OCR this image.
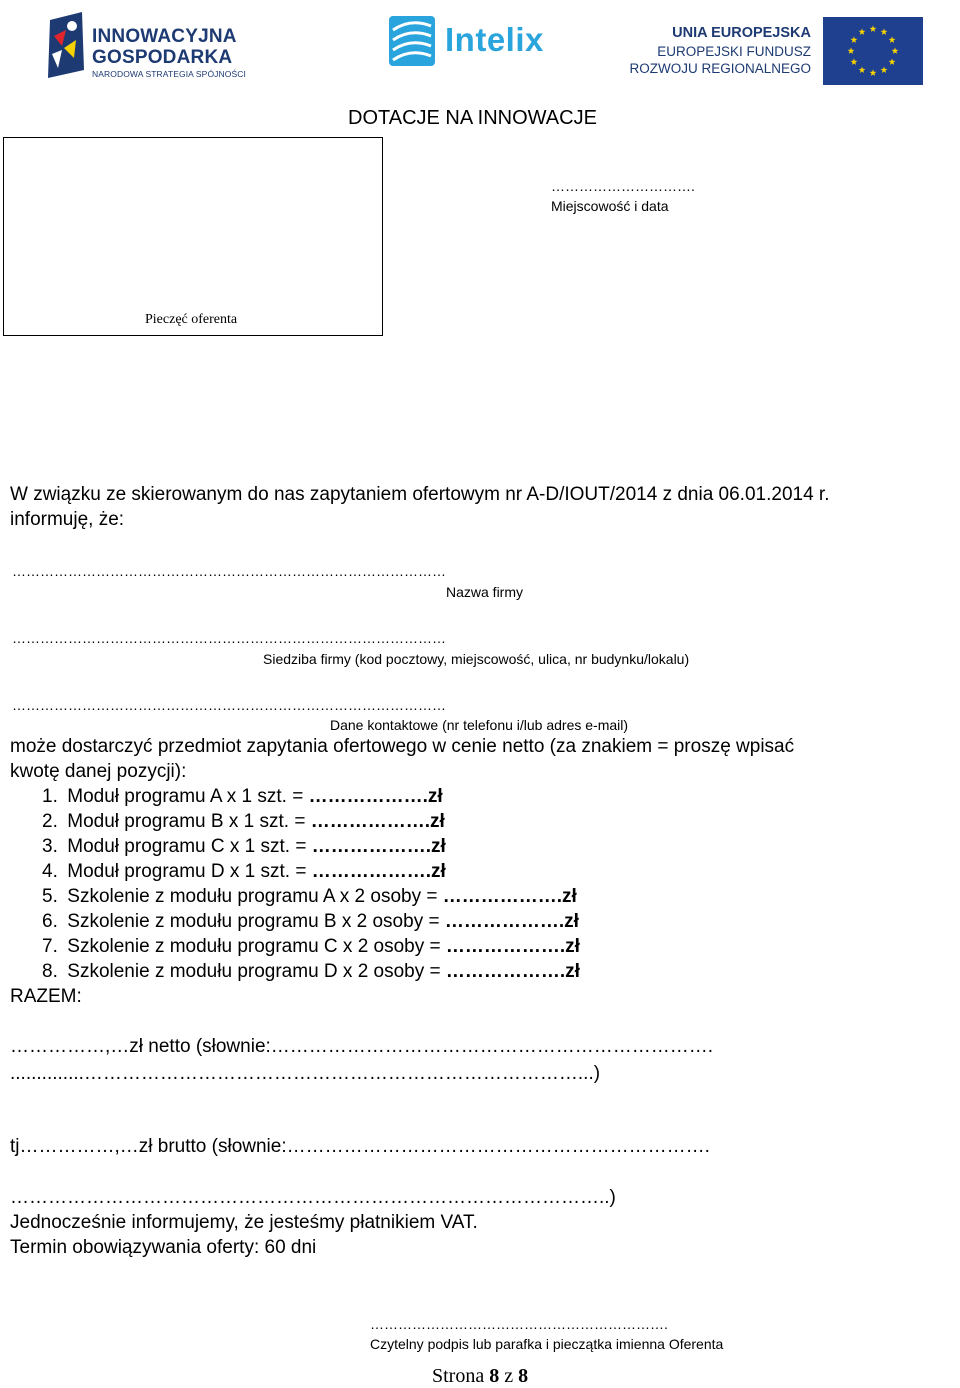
INNOWACYJNA
GOSPODARKA
NARODOWA STRATEGIA SPÓJNOŚCI
Intelix	UNIA EUROPEJSKA
EUROPEJSKI FUNDUSZ
ROZWOJU REGIONALNEGO
DOTACJE NA INNOWACJE
Pieczęć oferenta
………………………….
Miejscowość i data
W związku ze skierowanym do nas zapytaniem ofertowym nr A-D/IOUT/2014 z dnia 06.01.2014 r.
informuję, że:
…………………………………………………………………………………
Nazwa firmy
…………………………………………………………………………………
Siedziba firmy (kod pocztowy, miejscowość, ulica, nr budynku/lokalu)
…………………………………………………………………………………
Dane kontaktowe (nr telefonu i/lub adres e-mail)
może dostarczyć przedmiot zapytania ofertowego w cenie netto (za znakiem = proszę wpisać
kwotę danej pozycji):
1. Moduł programu A x 1 szt. = ……………….zł
2. Moduł programu B x 1 szt. = ……………….zł
3. Moduł programu C x 1 szt. = ……………….zł
4. Moduł programu D x 1 szt. = ……………….zł
5. Szkolenie z modułu programu A x 2 osoby = ……………….zł
6. Szkolenie z modułu programu B x 2 osoby = ……………….zł
7. Szkolenie z modułu programu C x 2 osoby = ……………….zł
8. Szkolenie z modułu programu D x 2 osoby = ……………….zł
RAZEM:
……………,…zł netto (słownie:…………………………………………………………….
..............……………………………………………………………………...)
tj……………,…zł brutto (słownie:………………………………………………………….
…………………………………………………………………………………..)
Jednocześnie informujemy, że jesteśmy płatnikiem VAT.
Termin obowiązywania oferty: 60 dni
……………………………………………………….
Czytelny podpis lub parafka i pieczątka imienna Oferenta
Strona 8 z 8
